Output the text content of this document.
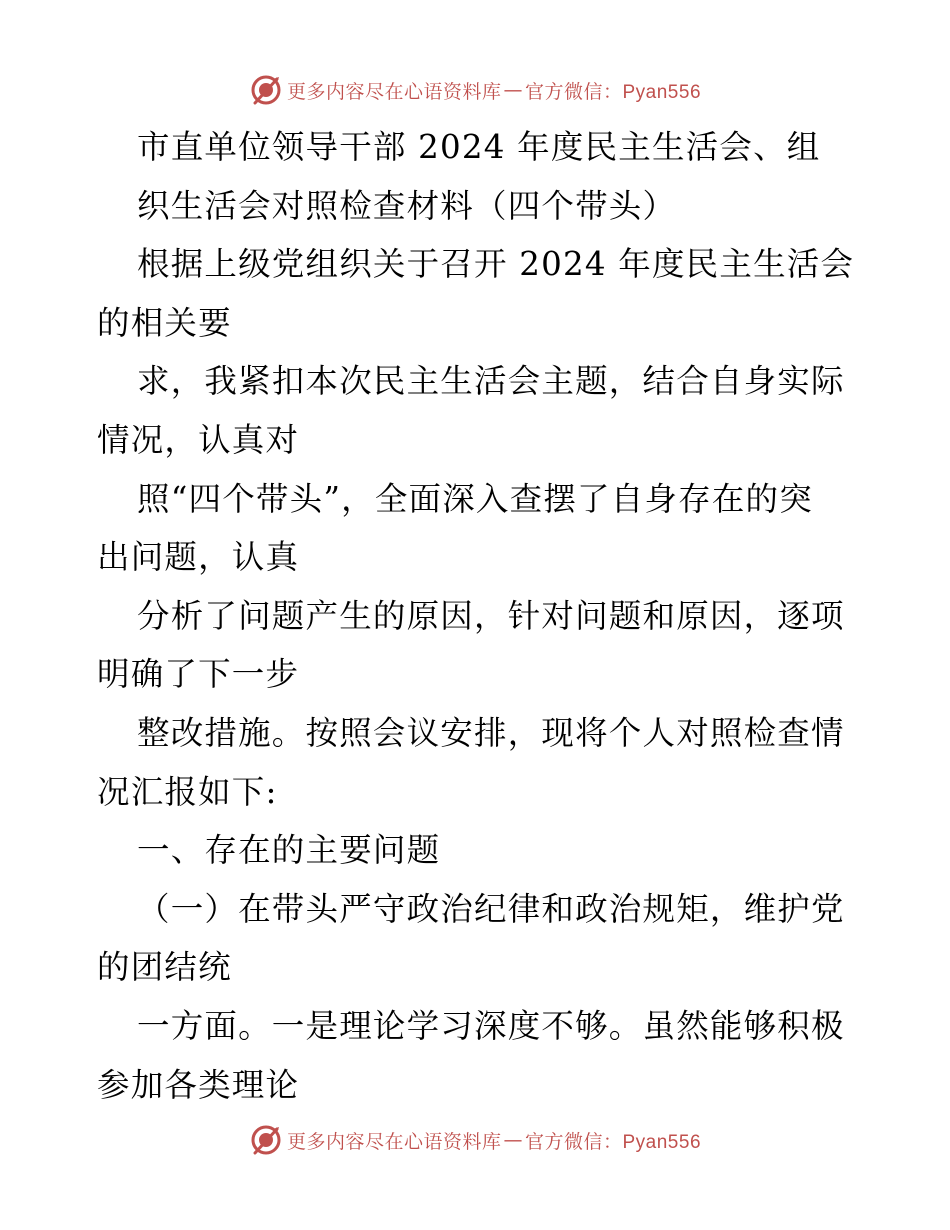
更多内容尽在心语资料库 — 官方微信：Pyan556
市直单位领导干部 2024 年度民主生活会、组
织生活会对照检查材料（四个带头）
根据上级党组织关于召开 2024 年度民主生活会
的相关要
求，我紧扣本次民主生活会主题，结合自身实际
情况，认真对
照“四个带头”，全面深入查摆了自身存在的突
出问题，认真
分析了问题产生的原因，针对问题和原因，逐项
明确了下一步
整改措施。按照会议安排，现将个人对照检查情
况汇报如下:
一、存在的主要问题
（一）在带头严守政治纪律和政治规矩，维护党
的团结统
一方面。一是理论学习深度不够。虽然能够积极
参加各类理论
更多内容尽在心语资料库 — 官方微信：Pyan556
